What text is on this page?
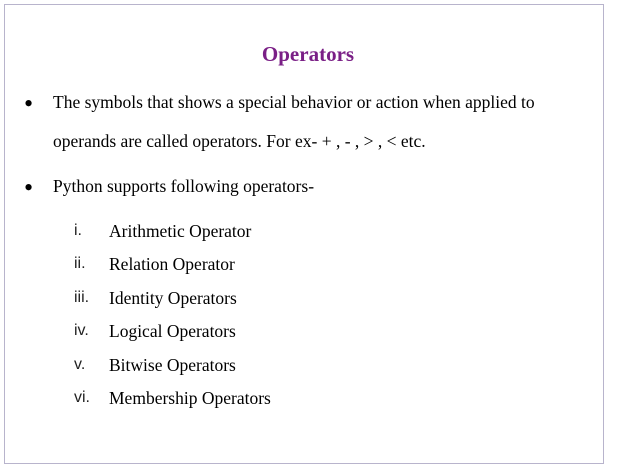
Operators
• The symbols that shows a special behavior or action when applied to
operands are called operators. For ex- + , - , > , < etc.
• Python supports following operators-
i. Arithmetic Operator
ii. Relation Operator
iii. Identity Operators
iv. Logical Operators
v. Bitwise Operators
vi. Membership Operators
